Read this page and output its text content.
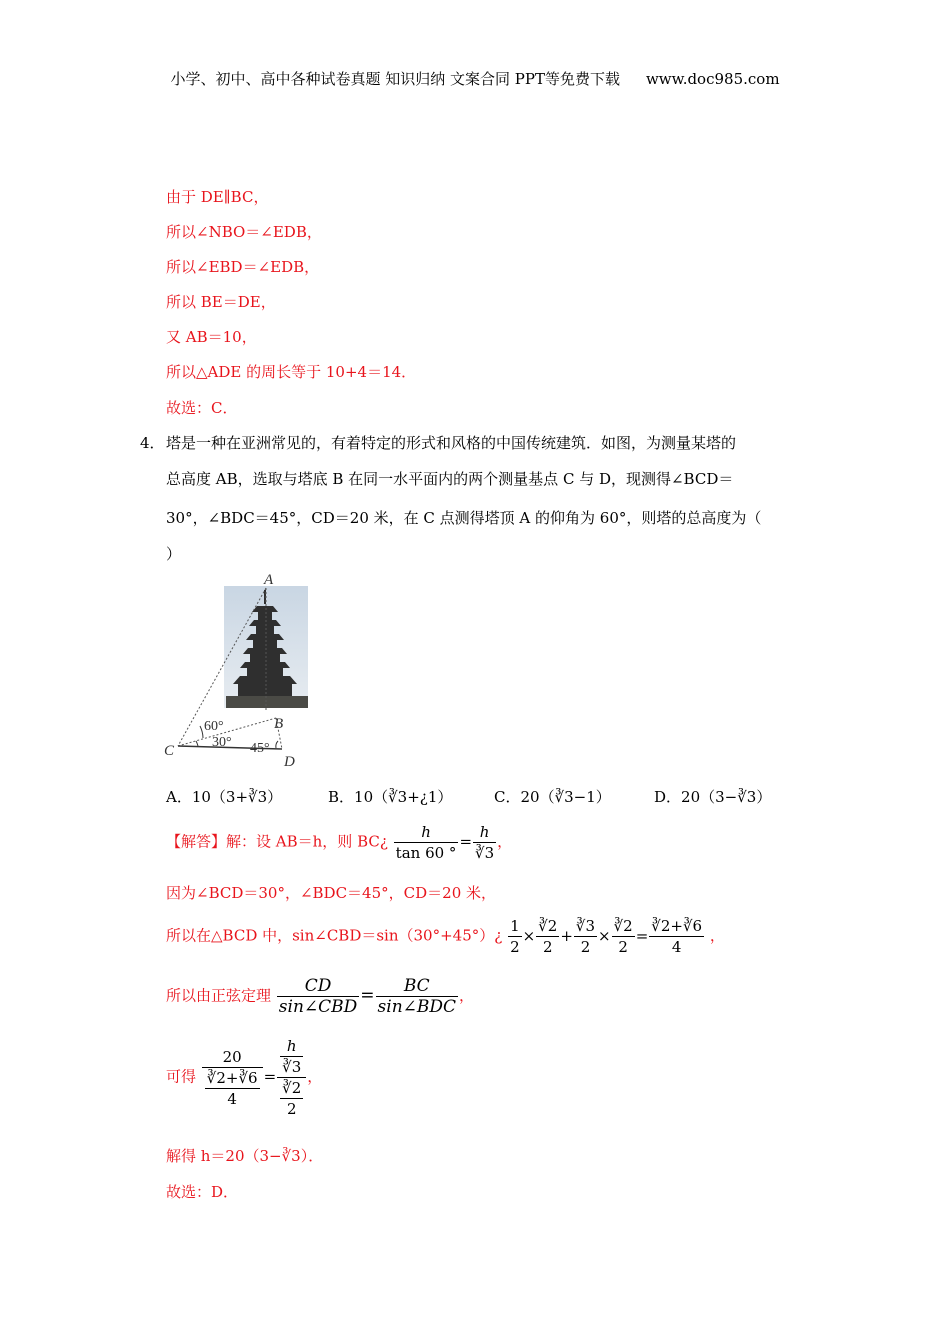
小学、初中、高中各种试卷真题 知识归纳 文案合同 PPT等免费下载 www.doc985.com
由于 DE∥BC，
所以∠NBO＝∠EDB，
所以∠EBD＝∠EDB，
所以 BE＝DE，
又 AB＝10，
所以△ADE 的周长等于 10+4＝14．
故选：C．
4． 塔是一种在亚洲常见的，有着特定的形式和风格的中国传统建筑．如图，为测量某塔的
总高度 AB，选取与塔底 B 在同一水平面内的两个测量基点 C 与 D，现测得∠BCD＝
30°，∠BDC＝45°，CD＝20 米，在 C 点测得塔顶 A 的仰角为 60°，则塔的总高度为（
）
A
B
C
D
60°
30° 45°
A．10（3+∛3）	B．10（∛3+¿1）	C．20（∛3−1）	D．20（3−∛3）
【解答】解：设 AB＝h，则 BC¿ $\frac{h}{\tan 60 ^\circ} = \frac{h}{∛3}$ ，
因为∠BCD＝30°，∠BDC＝45°，CD＝20 米，
所以在△BCD 中，sin∠CBD＝sin（30°+45°）¿ $\frac{1}{2} \times \frac{∛2}{2} + \frac{∛3}{2} \times \frac{∛2}{2} = \frac{∛2+∛6}{4}$ ，
所以由正弦定理 $\frac{CD}{\text{sin∠CBD}} = \frac{BC}{\text{sin∠BDC}}$ ，
可得 $\frac{20}{\frac{∛2+∛6}{4}} = \frac{\frac{h}{∛3}}{\frac{∛2}{2}}$ ，
解得 h＝20（3−∛3）．
故选：D．
